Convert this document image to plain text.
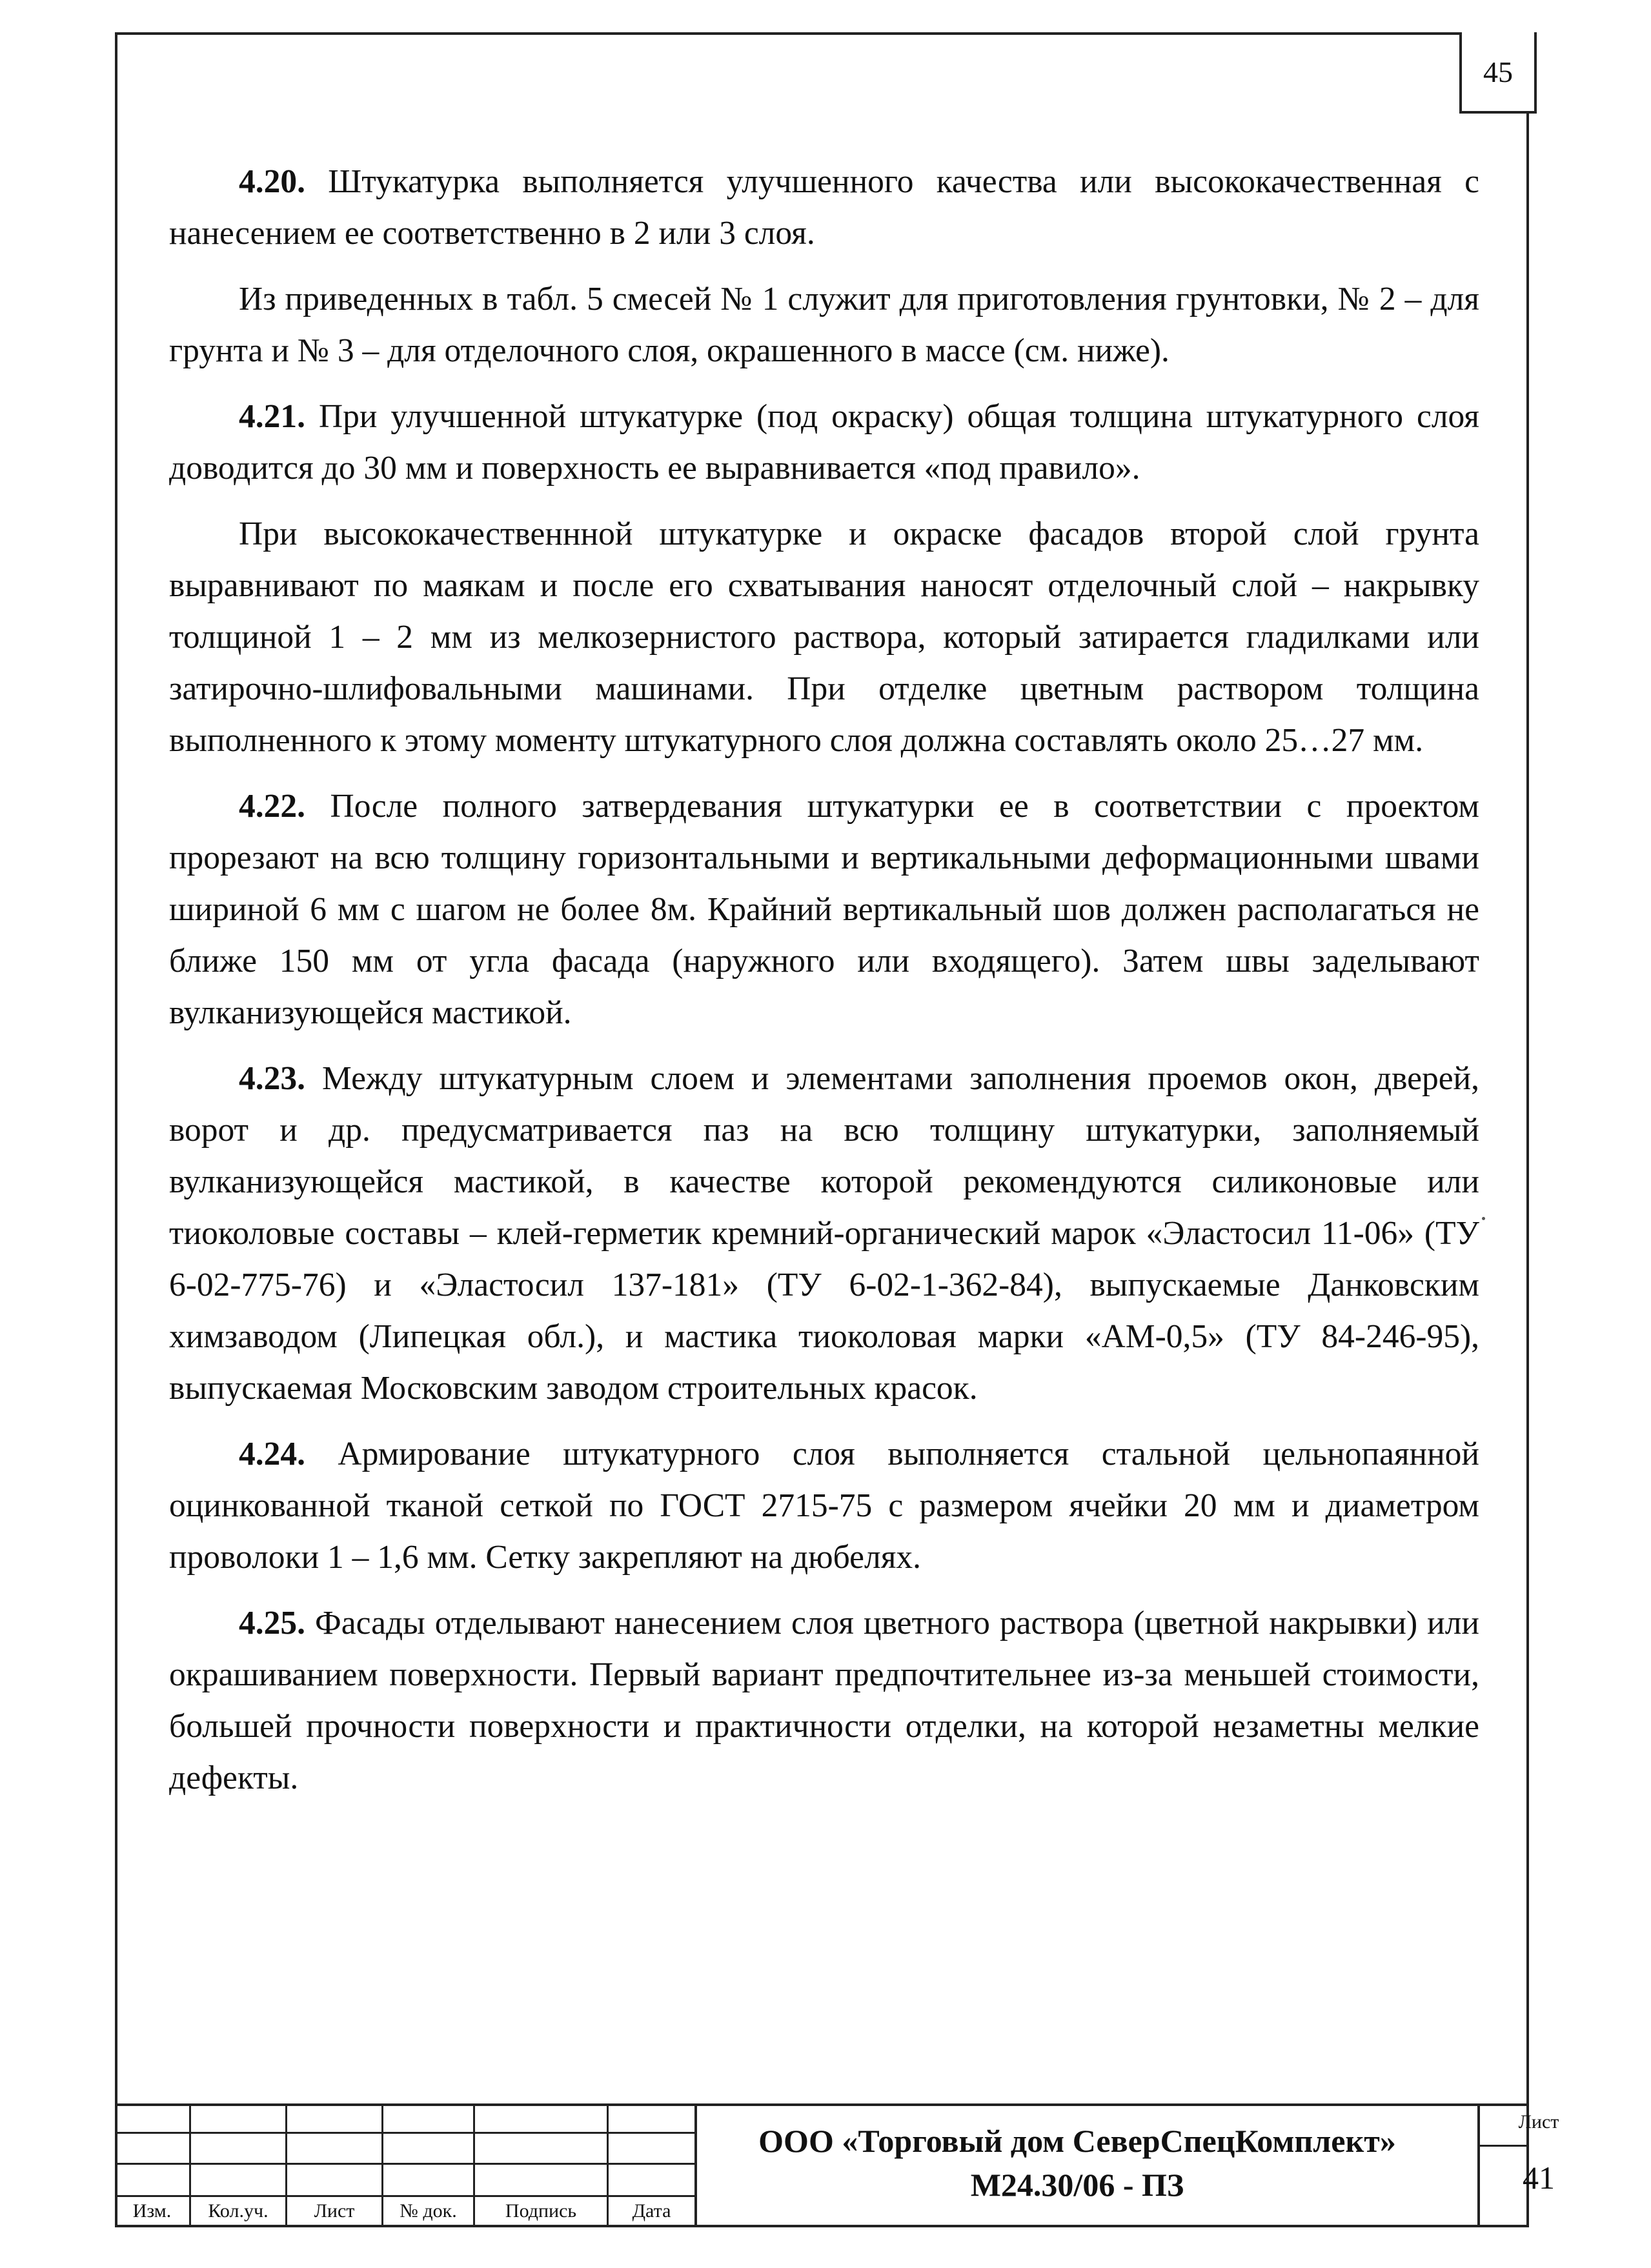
45

4.20. Штукатурка выполняется улучшенного качества или высококачественная с нанесением ее соответственно в 2 или 3 слоя.

Из приведенных в табл. 5 смесей № 1 служит для приготовления грунтовки, № 2 – для грунта и № 3 – для отделочного слоя, окрашенного в массе (см. ниже).

4.21. При улучшенной штукатурке (под окраску) общая толщина штукатурного слоя доводится до 30 мм и поверхность ее выравнивается «под правило».

При высококачественнной штукатурке и окраске фасадов второй слой грунта выравнивают по маякам и после его схватывания наносят отделочный слой – накрывку толщиной 1 – 2 мм из мелкозернистого раствора, который затирается гладилками или затирочно-шлифовальными машинами. При отделке цветным раствором толщина выполненного к этому моменту штукатурного слоя должна составлять около 25…27 мм.

4.22. После полного затвердевания штукатурки ее в соответствии с проектом прорезают на всю толщину горизонтальными и вертикальными деформационными швами шириной 6 мм с шагом не более 8м. Крайний вертикальный шов должен располагаться не ближе 150 мм от угла фасада (наружного или входящего). Затем швы заделывают вулканизующейся мастикой.

4.23. Между штукатурным слоем и элементами заполнения проемов окон, дверей, ворот и др. предусматривается паз на всю толщину штукатурки, заполняемый вулканизующейся мастикой, в качестве которой рекомендуются силиконовые или тиоколовые составы – клей-герметик кремний-органический марок «Эластосил 11-06» (ТУ 6-02-775-76) и «Эластосил 137-181» (ТУ 6-02-1-362-84), выпускаемые Данковским химзаводом (Липецкая обл.), и мастика тиоколовая марки «АМ-0,5» (ТУ 84-246-95), выпускаемая Московским заводом строительных красок.

4.24. Армирование штукатурного слоя выполняется стальной цельнопаянной оцинкованной тканой сеткой по ГОСТ 2715-75 с размером ячейки 20 мм и диаметром проволоки 1 – 1,6 мм. Сетку закрепляют на дюбелях.

4.25. Фасады отделывают нанесением слоя цветного раствора (цветной накрывки) или окрашиванием поверхности. Первый вариант предпочтительнее из-за меньшей стоимости, большей прочности поверхности и практичности отделки, на которой незаметны мелкие дефекты.

Изм.	Кол.уч.	Лист	№ док.	Подпись	Дата
ООО «Торговый дом СеверСпецКомплект»
М24.30/06 - ПЗ
Лист
41
